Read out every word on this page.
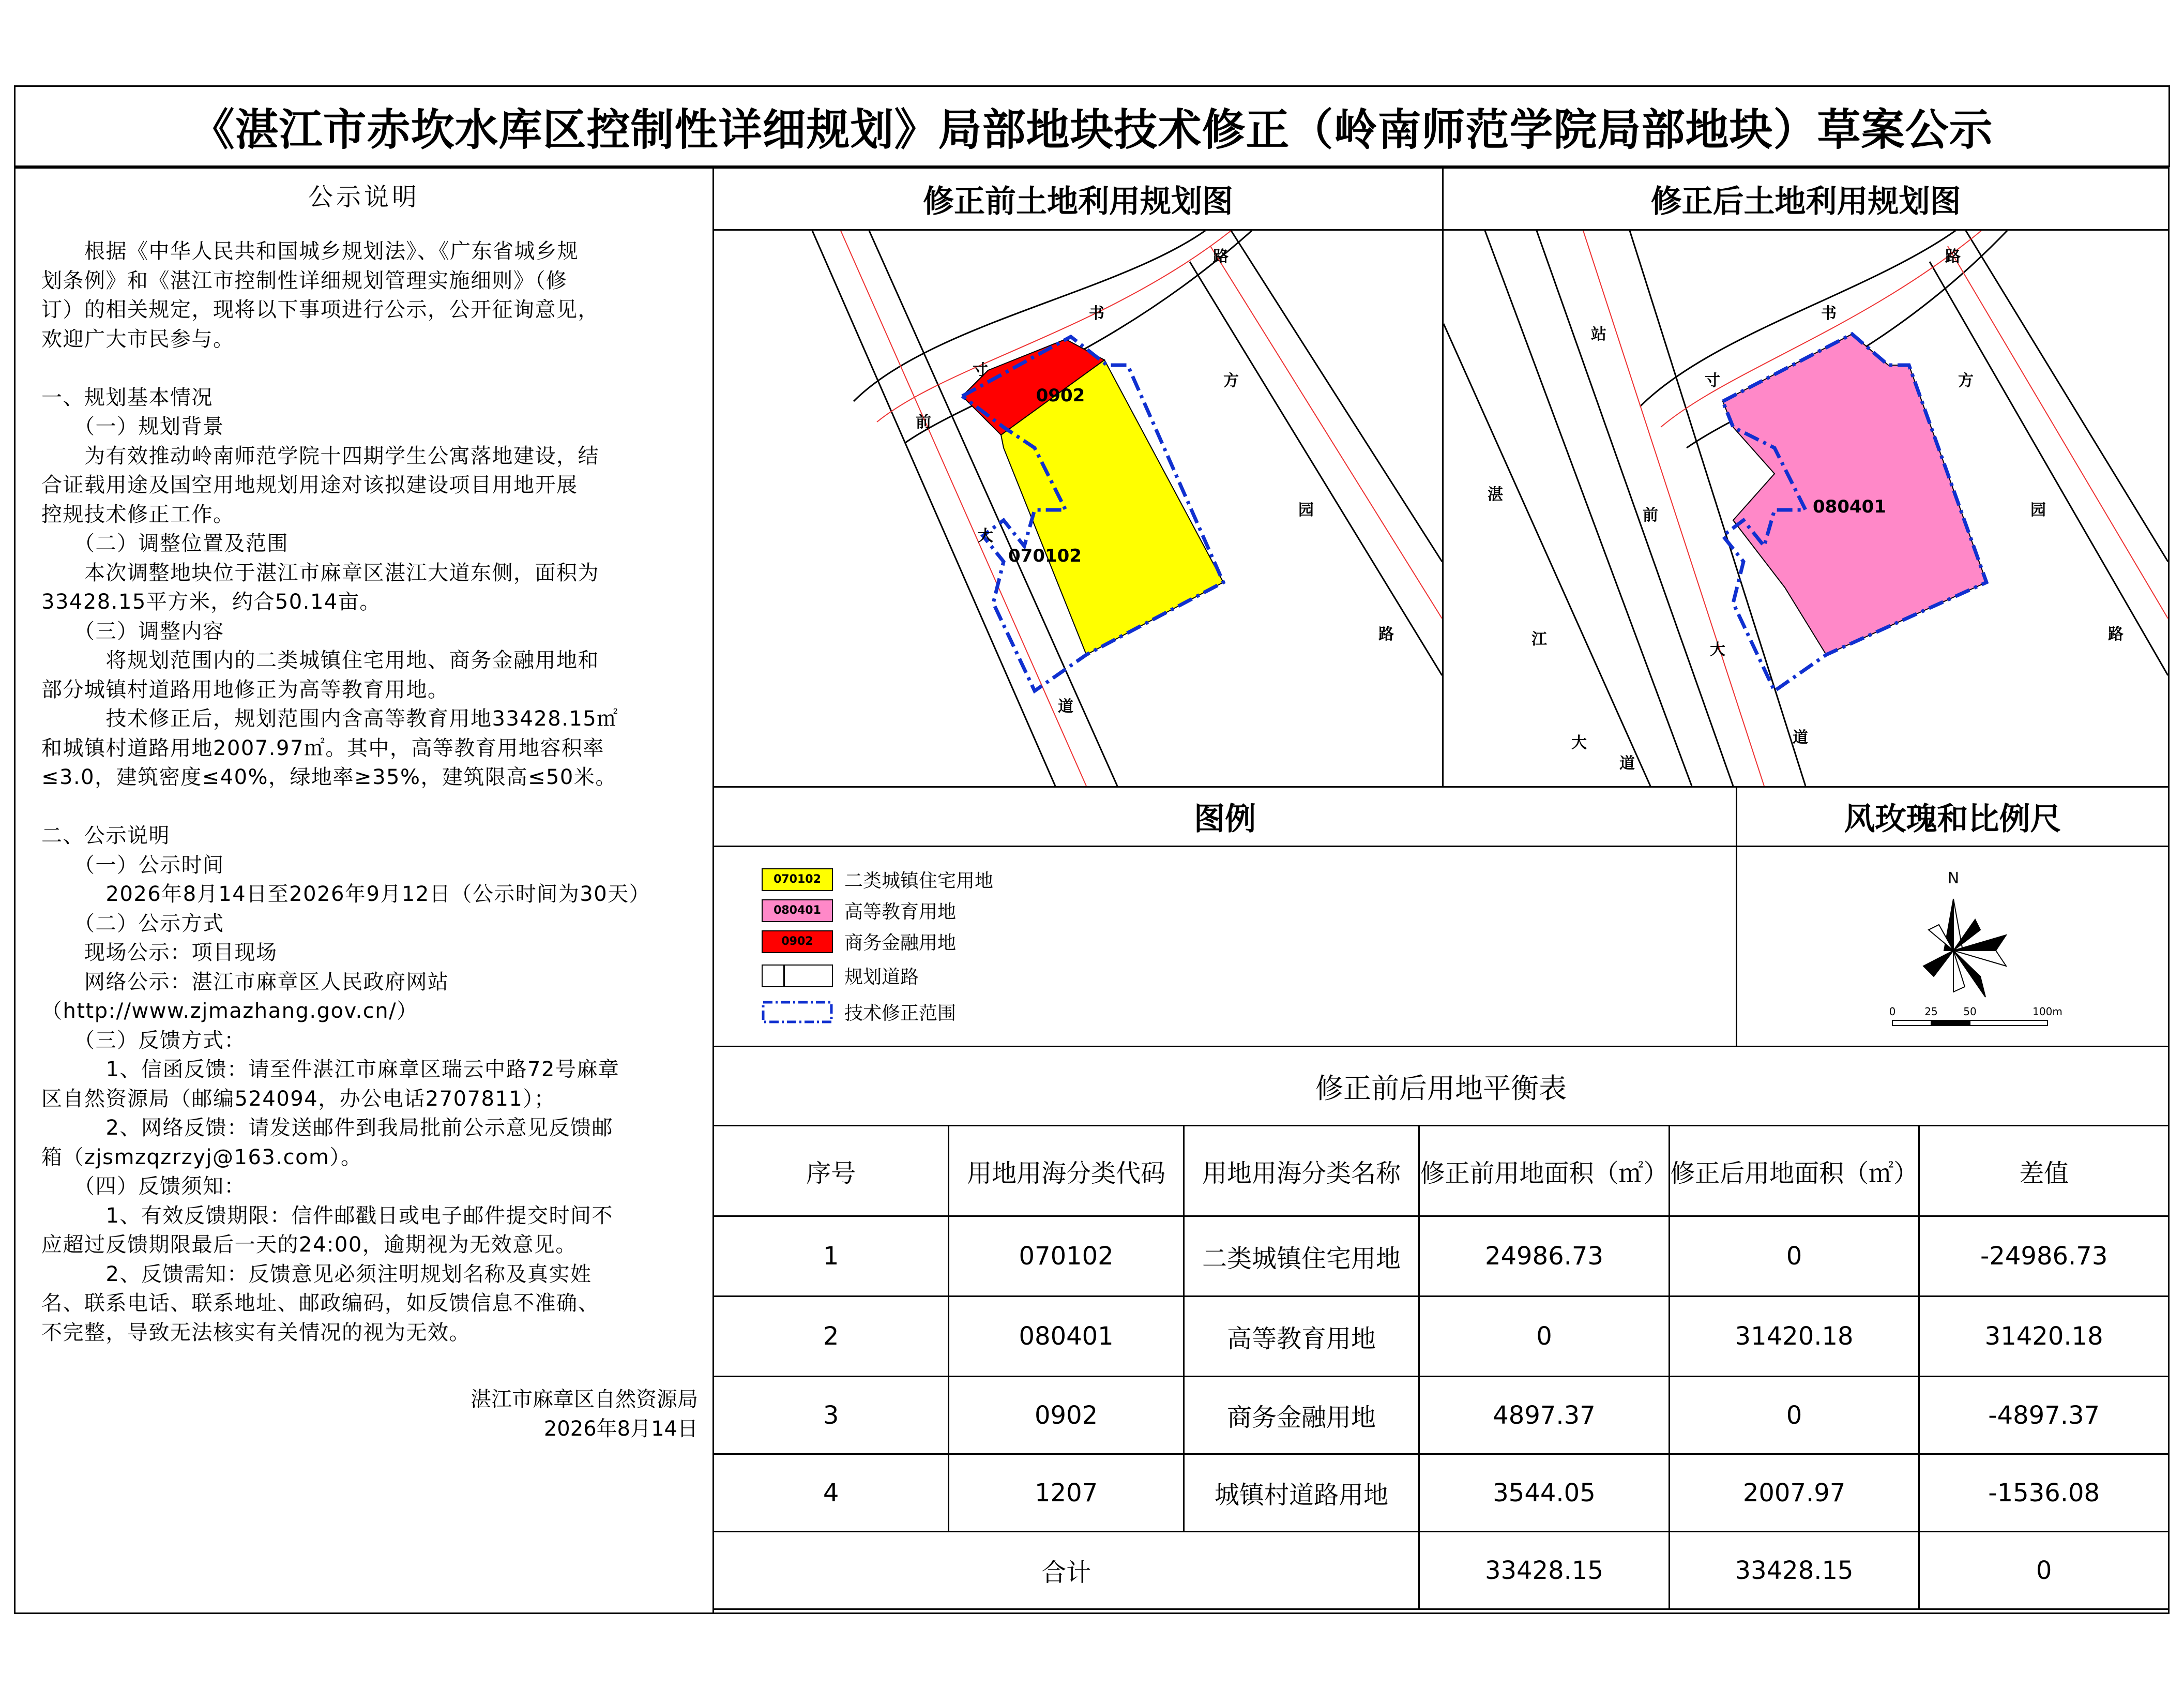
《湛江市赤坎水库区控制性详细规划》局部地块技术修正（岭南师范学院局部地块）草案公示
公示说明

　　根据《中华人民共和国城乡规划法》、《广东省城乡规

划条例》和《湛江市控制性详细规划管理实施细则》（修

订）的相关规定，现将以下事项进行公示，公开征询意见，

欢迎广大市民参与。

一、规划基本情况

　　（一）规划背景

　　为有效推动岭南师范学院十四期学生公寓落地建设，结

合证载用途及国空用地规划用途对该拟建设项目用地开展

控规技术修正工作。

　　（二）调整位置及范围

　　本次调整地块位于湛江市麻章区湛江大道东侧，面积为

33428.15平方米，约合50.14亩。

　　（三）调整内容

　　　将规划范围内的二类城镇住宅用地、商务金融用地和

部分城镇村道路用地修正为高等教育用地。

　　　技术修正后，规划范围内含高等教育用地33428.15㎡

和城镇村道路用地2007.97㎡。其中，高等教育用地容积率

≤3.0，建筑密度≤40%，绿地率≥35%，建筑限高≤50米。

二、公示说明

　　（一）公示时间

　　　2026年8月14日至2026年9月12日（公示时间为30天）

　　（二）公示方式

　　现场公示：项目现场

　　网络公示：湛江市麻章区人民政府网站

（http://www.zjmazhang.gov.cn/）

　　（三）反馈方式：

　　　1、信函反馈：请至件湛江市麻章区瑞云中路72号麻章

区自然资源局（邮编524094，办公电话2707811）；

　　　2、网络反馈：请发送邮件到我局批前公示意见反馈邮

箱（zjsmzqzrzyj@163.com）。

　　（四）反馈须知：

　　　1、有效反馈期限：信件邮戳日或电子邮件提交时间不

应超过反馈期限最后一天的24:00，逾期视为无效意见。

　　　2、反馈需知：反馈意见必须注明规划名称及真实姓

名、联系电话、联系地址、邮政编码，如反馈信息不准确、

不完整，导致无法核实有关情况的视为无效。

湛江市麻章区自然资源局
2026年8月14日
修正前土地利用规划图
070102
0902
寸
书
路
方
园
路
前
大
道
修正后土地利用规划图
080401
寸
书
路
方
园
路
站
前
湛
江
大
道
大
道
图例
070102	二类城镇住宅用地
080401	高等教育用地
0902	商务金融用地
规划道路
技术修正范围
风玫瑰和比例尺
N
0	25 50	100m
修正前后用地平衡表
序号	用地用海分类代码	用地用海分类名称	修正前用地面积（㎡）	修正后用地面积（㎡）	差值
1	070102	二类城镇住宅用地	24986.73	0	-24986.73
2	080401	高等教育用地	0	31420.18	31420.18
3	0902	商务金融用地	4897.37	0	-4897.37
4	1207	城镇村道路用地	3544.05	2007.97	-1536.08
合计			33428.15	33428.15	0
